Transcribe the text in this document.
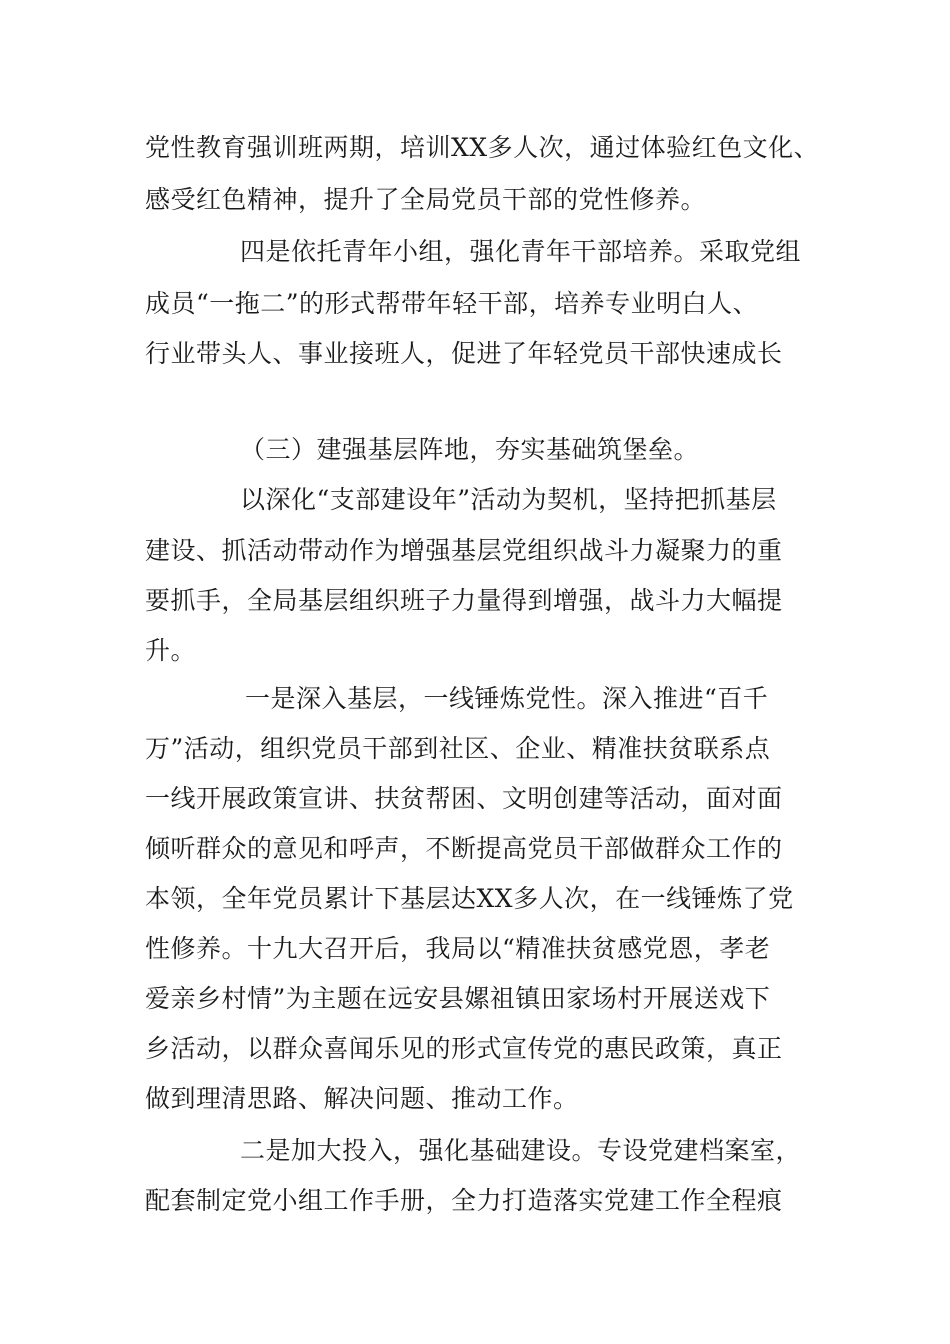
党性教育强训班两期，培训XX多人次，通过体验红色文化、
感受红色精神，提升了全局党员干部的党性修养。
四是依托青年小组，强化青年干部培养。采取党组
成员“一拖二”的形式帮带年轻干部，培养专业明白人、
行业带头人、事业接班人，促进了年轻党员干部快速成长
（三）建强基层阵地，夯实基础筑堡垒。
以深化“支部建设年”活动为契机，坚持把抓基层
建设、抓活动带动作为增强基层党组织战斗力凝聚力的重
要抓手，全局基层组织班子力量得到增强，战斗力大幅提
升。
一是深入基层，一线锤炼党性。深入推进“百千
万”活动，组织党员干部到社区、企业、精准扶贫联系点
一线开展政策宣讲、扶贫帮困、文明创建等活动，面对面
倾听群众的意见和呼声，不断提高党员干部做群众工作的
本领，全年党员累计下基层达XX多人次，在一线锤炼了党
性修养。十九大召开后，我局以“精准扶贫感党恩，孝老
爱亲乡村情”为主题在远安县嫘祖镇田家场村开展送戏下
乡活动，以群众喜闻乐见的形式宣传党的惠民政策，真正
做到理清思路、解决问题、推动工作。
二是加大投入，强化基础建设。专设党建档案室，
配套制定党小组工作手册，全力打造落实党建工作全程痕
